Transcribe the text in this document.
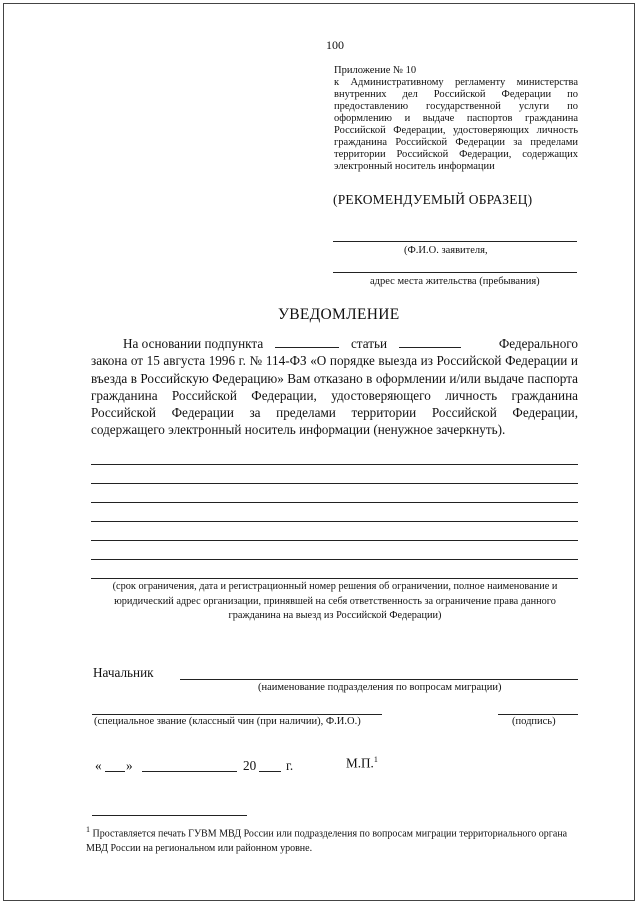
100
Приложение № 10
к Административному регламенту министерства внутренних дел Российской Федерации по предоставлению государственной услуги по оформлению и выдаче паспортов гражданина Российской Федерации, удостоверяющих личность гражданина Российской Федерации за пределами территории Российской Федерации, содержащих электронный носитель информации
(РЕКОМЕНДУЕМЫЙ ОБРАЗЕЦ)
(Ф.И.О. заявителя,
адрес места жительства (пребывания)
УВЕДОМЛЕНИЕ
На основании подпункта	статьи	Федерального
закона от 15 августа 1996 г. № 114-ФЗ «О порядке выезда из Российской Федерации и въезда в Российскую Федерацию» Вам отказано в оформлении и/или выдаче паспорта гражданина Российской Федерации, удостоверяющего личность гражданина Российской Федерации за пределами территории Российской Федерации, содержащего электронный носитель информации (ненужное зачеркнуть).
(срок ограничения, дата и регистрационный номер решения об ограничении, полное наименование и юридический адрес организации, принявшей на себя ответственность за ограничение права данного гражданина на выезд из Российской Федерации)
Начальник
(наименование подразделения по вопросам миграции)
(специальное звание (классный чин (при наличии), Ф.И.О.)	(подпись)
« »	20 г.	М.П.$^1$
$^1$ Проставляется печать ГУВМ МВД России или подразделения по вопросам миграции территориального органа МВД России на региональном или районном уровне.
